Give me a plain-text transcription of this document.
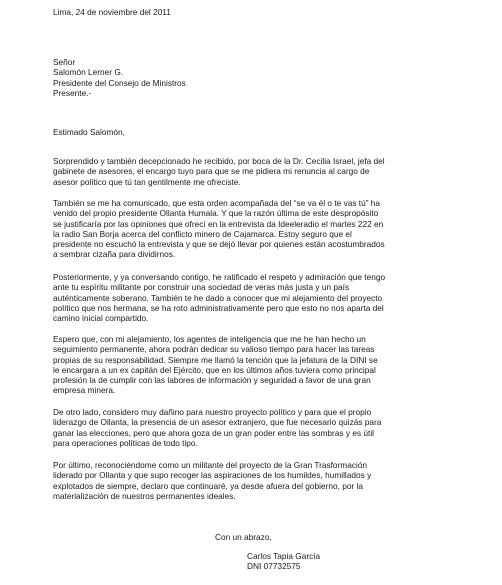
Lima, 24 de noviembre del 2011
Señor
Salomón Lerner G.
Presidente del Consejo de Ministros
Presente.-
Estimado Salomón,
Sorprendido y también decepcionado he recibido, por boca de la Dr. Cecilia Israel, jefa del
gabinete de asesores, el encargo tuyo para que se me pidiera mi renuncia al cargo de
asesor político que tú tan gentilmente me ofreciste.
También se me ha comunicado, que esta orden acompañada del “se va él o te vas tú” ha
venido del propio presidente Ollanta Humala. Y que la razón última de este despropósito
se justificaría por las opiniones que ofrecí en la entrevista da Ideeleradio el martes 222 en
la radio San Borja acerca del conflicto minero de Cajamarca. Estoy seguro que el
presidente no escuchó la entrevista y que se dejó llevar por quienes están acostumbrados
a sembrar cizaña para dividirnos.
Posteriormente, y ya conversando contigo, he ratificado el respeto y admiración que tengo
ante tu espíritu militante por construir una sociedad de veras más justa y un país
auténticamente soberano. También te he dado a conocer que mi alejamiento del proyecto
político que nos hermana, se ha roto administrativamente pero que esto no nos aparta del
camino inicial compartido.
Espero que, con mi alejamiento, los agentes de inteligencia que me he han hecho un
seguimiento permanente, ahora podrán dedicar su valioso tiempo para hacer las tareas
propias de su responsabilidad. Siempre me llamó la tención que la jefatura de la DINI se
le encargara a un ex capitán del Ejército, que en los últimos años tuviera como principal
profesión la de cumplir con las labores de información y seguridad a favor de una gran
empresa minera.
De otro lado, considero muy dañino para nuestro proyecto político y para que el propio
liderazgo de Ollanta, la presencia de un asesor extranjero, que fue necesario quizás para
ganar las elecciones, pero que ahora goza de un gran poder entre las sombras y es útil
para operaciones políticas de todo tipo.
Por último, reconociéndome como un militante del proyecto de la Gran Trasformación
liderado por Ollanta y que supo recoger las aspiraciones de los humildes, humillados y
explotados de siempre, declaro que continuaré, ya desde afuera del gobierno, por la
materialización de nuestros permanentes ideales.
Con un abrazo,
Carlos Tapia García
DNI 07732575
